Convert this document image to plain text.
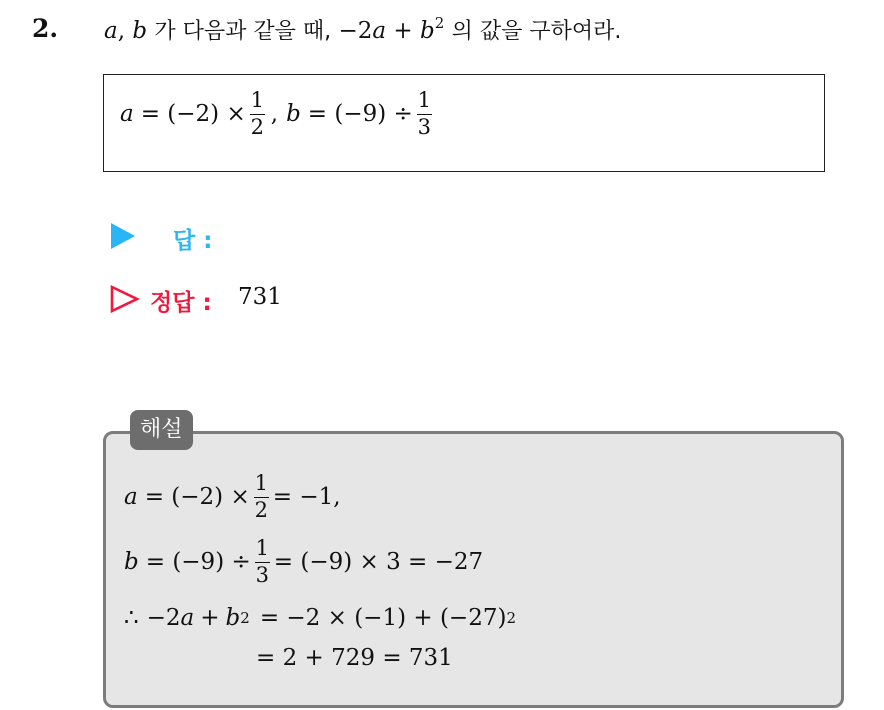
2. a, b 가 다음과 같을 때, $-2a + b^2$ 의 값을 구하여라.
$a = (-2) \times \frac{1}{2}$ , $b = (-9) \div \frac{1}{3}$
답 :
정답 : 731
해설
$a = (-2) \times \frac{1}{2} = -1$,
$b = (-9) \div \frac{1}{3} = (-9) \times 3 = -27$
∴ −2 a + b 2 = −2 × (−1) + (−27) 2
= 2 + 729 = 731
